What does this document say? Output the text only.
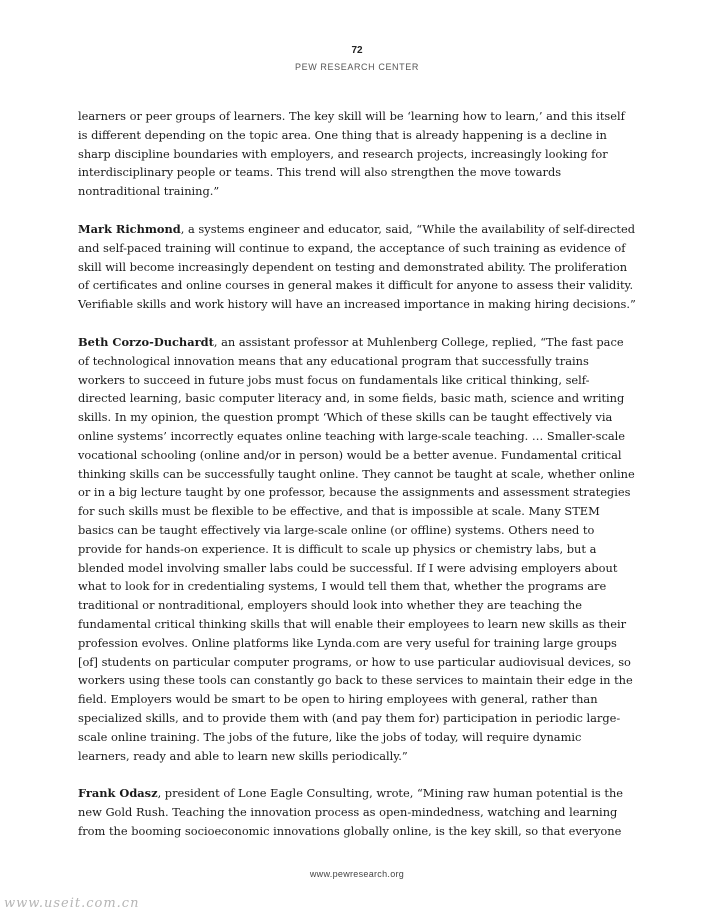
72
PEW RESEARCH CENTER

learners or peer groups of learners. The key skill will be ‘learning how to learn,’ and this itself is different depending on the topic area. One thing that is already happening is a decline in sharp discipline boundaries with employers, and research projects, increasingly looking for interdisciplinary people or teams. This trend will also strengthen the move towards nontraditional training.”

Mark Richmond, a systems engineer and educator, said, “While the availability of self-directed and self-paced training will continue to expand, the acceptance of such training as evidence of skill will become increasingly dependent on testing and demonstrated ability. The proliferation of certificates and online courses in general makes it difficult for anyone to assess their validity. Verifiable skills and work history will have an increased importance in making hiring decisions.”

Beth Corzo-Duchardt, an assistant professor at Muhlenberg College, replied, “The fast pace of technological innovation means that any educational program that successfully trains workers to succeed in future jobs must focus on fundamentals like critical thinking, self-directed learning, basic computer literacy and, in some fields, basic math, science and writing skills. In my opinion, the question prompt ‘Which of these skills can be taught effectively via online systems’ incorrectly equates online teaching with large-scale teaching. … Smaller-scale vocational schooling (online and/or in person) would be a better avenue. Fundamental critical thinking skills can be successfully taught online. They cannot be taught at scale, whether online or in a big lecture taught by one professor, because the assignments and assessment strategies for such skills must be flexible to be effective, and that is impossible at scale. Many STEM basics can be taught effectively via large-scale online (or offline) systems. Others need to provide for hands-on experience. It is difficult to scale up physics or chemistry labs, but a blended model involving smaller labs could be successful. If I were advising employers about what to look for in credentialing systems, I would tell them that, whether the programs are traditional or nontraditional, employers should look into whether they are teaching the fundamental critical thinking skills that will enable their employees to learn new skills as their profession evolves. Online platforms like Lynda.com are very useful for training large groups [of] students on particular computer programs, or how to use particular audiovisual devices, so workers using these tools can constantly go back to these services to maintain their edge in the field. Employers would be smart to be open to hiring employees with general, rather than specialized skills, and to provide them with (and pay them for) participation in periodic large-scale online training. The jobs of the future, like the jobs of today, will require dynamic learners, ready and able to learn new skills periodically.”

Frank Odasz, president of Lone Eagle Consulting, wrote, “Mining raw human potential is the new Gold Rush. Teaching the innovation process as open-mindedness, watching and learning from the booming socioeconomic innovations globally online, is the key skill, so that everyone

www.pewresearch.org
www.useit.com.cn
